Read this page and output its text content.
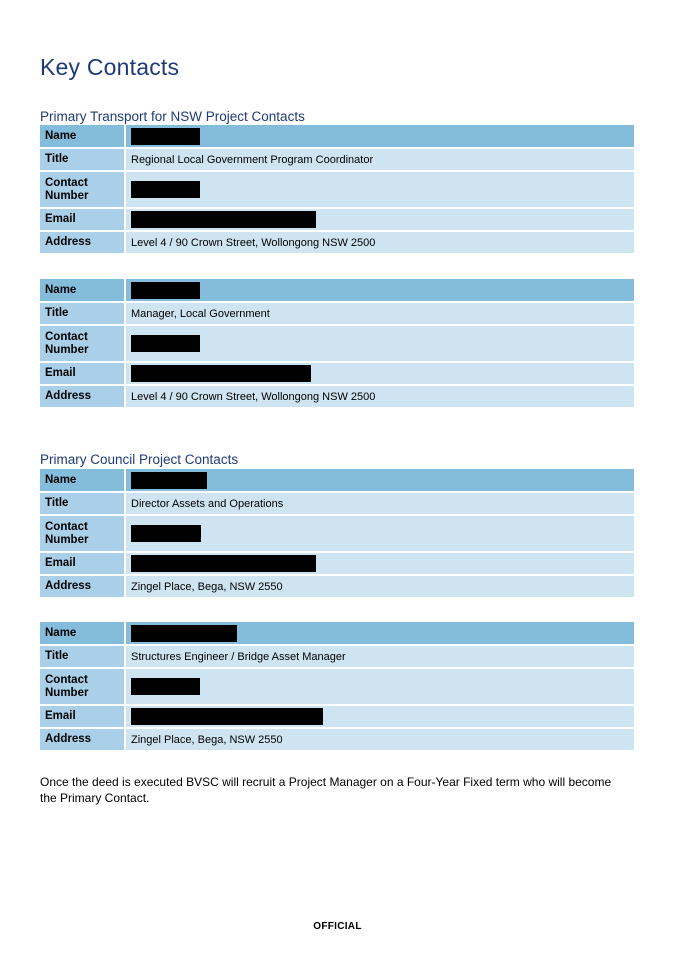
Key Contacts
Primary Transport for NSW Project Contacts
Name	
Title	Regional Local Government Program Coordinator
Contact
Number	
Email	
Address	Level 4 / 90 Crown Street, Wollongong NSW 2500
Name	
Title	Manager, Local Government
Contact
Number	
Email	
Address	Level 4 / 90 Crown Street, Wollongong NSW 2500
Primary Council Project Contacts
Name	
Title	Director Assets and Operations
Contact
Number	
Email	
Address	Zingel Place, Bega, NSW 2550
Name	
Title	Structures Engineer / Bridge Asset Manager
Contact
Number	
Email	
Address	Zingel Place, Bega, NSW 2550

Once the deed is executed BVSC will recruit a Project Manager on a Four-Year Fixed term who will become the Primary Contact.

OFFICIAL
